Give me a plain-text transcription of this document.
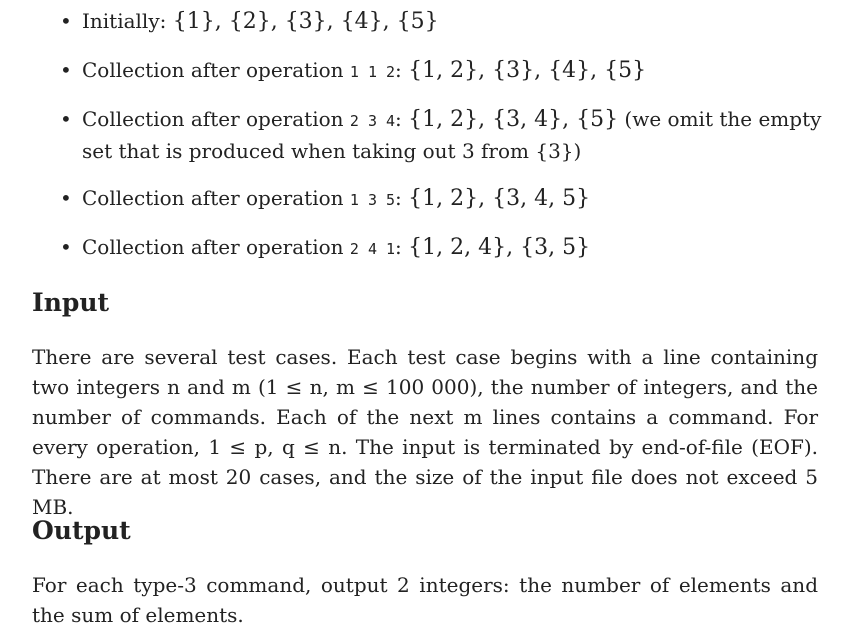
• Initially: {1}, {2}, {3}, {4}, {5}
• Collection after operation 1 1 2: {1, 2}, {3}, {4}, {5}
• Collection after operation 2 3 4: {1, 2}, {3, 4}, {5} (we omit the empty set that is produced when taking out 3 from {3})
• Collection after operation 1 3 5: {1, 2}, {3, 4, 5}
• Collection after operation 2 4 1: {1, 2, 4}, {3, 5}
Input

There are several test cases. Each test case begins with a line containing two integers n and m (1 ≤ n, m ≤ 100 000), the number of integers, and the number of commands. Each of the next m lines contains a command. For every operation, 1 ≤ p, q ≤ n. The input is terminated by end-of-file (EOF). There are at most 20 cases, and the size of the input file does not exceed 5 MB.

Output

For each type-3 command, output 2 integers: the number of elements and the sum of elements.
